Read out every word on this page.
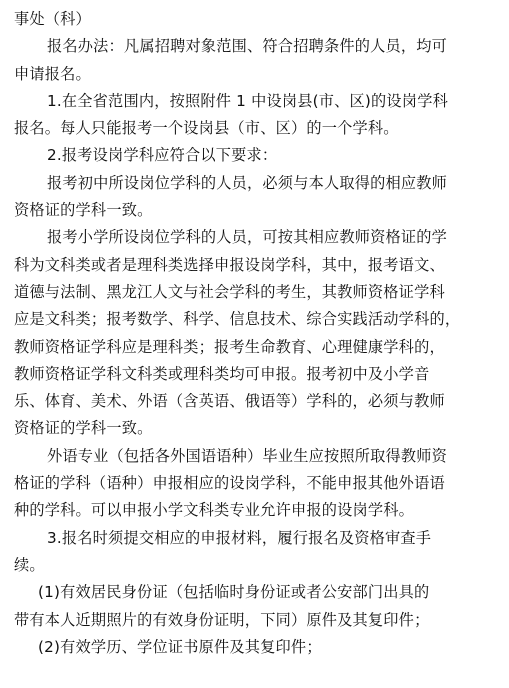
事处（科）
报名办法：凡属招聘对象范围、符合招聘条件的人员，均可
申请报名。
1.在全省范围内，按照附件 1 中设岗县(市、区)的设岗学科
报名。每人只能报考一个设岗县（市、区）的一个学科。
2.报考设岗学科应符合以下要求：
报考初中所设岗位学科的人员，必须与本人取得的相应教师
资格证的学科一致。
报考小学所设岗位学科的人员，可按其相应教师资格证的学
科为文科类或者是理科类选择申报设岗学科，其中，报考语文、
道德与法制、黑龙江人文与社会学科的考生，其教师资格证学科
应是文科类；报考数学、科学、信息技术、综合实践活动学科的，
教师资格证学科应是理科类；报考生命教育、心理健康学科的，
教师资格证学科文科类或理科类均可申报。报考初中及小学音
乐、体育、美术、外语（含英语、俄语等）学科的，必须与教师
资格证的学科一致。
外语专业（包括各外国语语种）毕业生应按照所取得教师资
格证的学科（语种）申报相应的设岗学科，不能申报其他外语语
种的学科。可以申报小学文科类专业允许申报的设岗学科。
3.报名时须提交相应的申报材料，履行报名及资格审查手
续。
(1)有效居民身份证（包括临时身份证或者公安部门出具的
带有本人近期照片的有效身份证明，下同）原件及其复印件；
(2)有效学历、学位证书原件及其复印件；
